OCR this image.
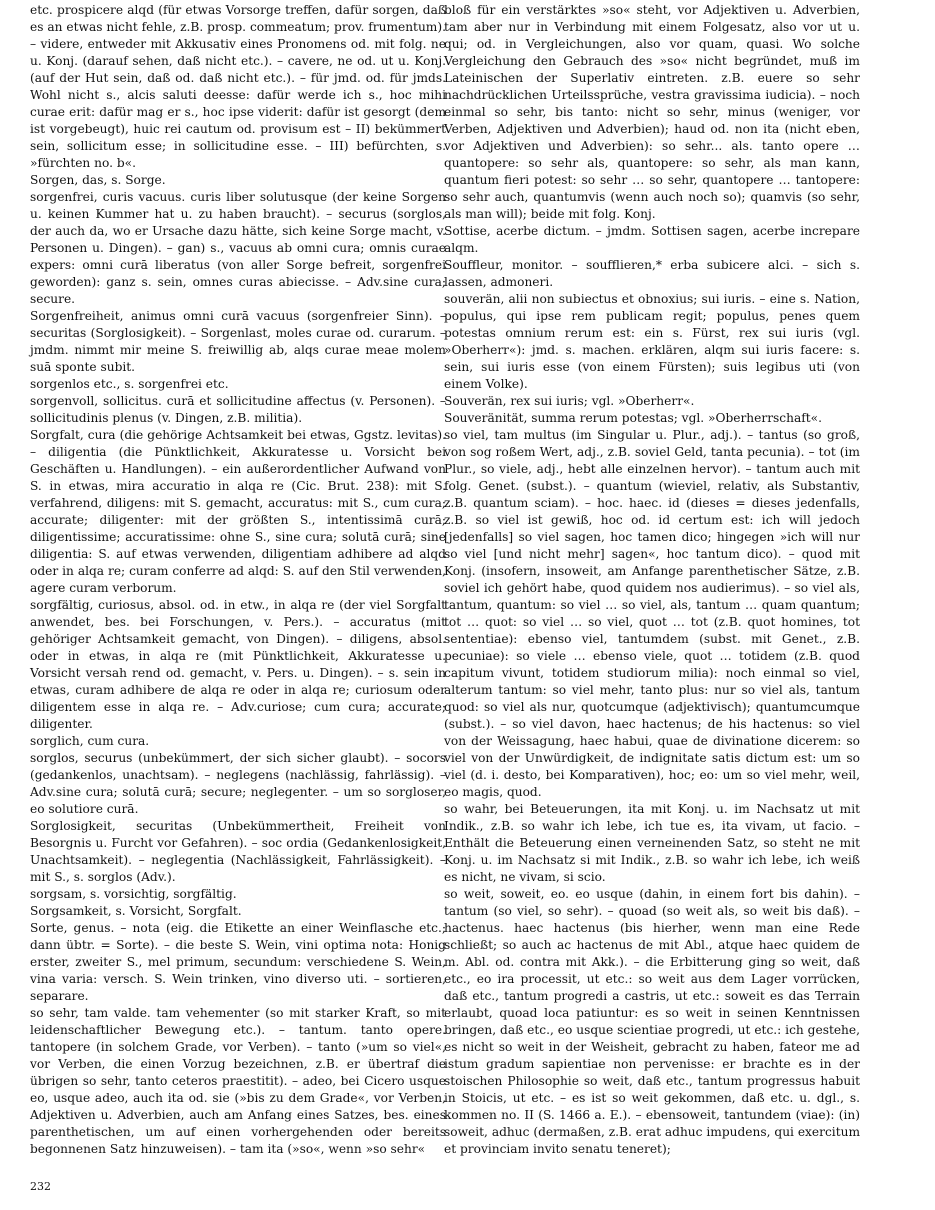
etc. prospicere alqd (für etwas Vorsorge treffen, dafür sorgen, daß es an etwas nicht fehle, z.B. prosp. commeatum; prov. frumentum). – videre, entweder mit Akkusativ eines Pronomens od. mit folg. ne u. Konj. (darauf sehen, daß nicht etc.). – cavere, ne od. ut u. Konj. (auf der Hut sein, daß od. daß nicht etc.). – für jmd. od. für jmds. Wohl nicht s., alcis saluti deesse: dafür werde ich s., hoc mihi curae erit: dafür mag er s., hoc ipse viderit: dafür ist gesorgt (dem ist vorgebeugt), huic rei cautum od. provisum est – II) bekümmert sein, sollicitum esse; in sollicitudine esse. – III) befürchten, s. »fürchten no. b«.

Sorgen, das, s. Sorge.

sorgenfrei, curis vacuus. curis liber solutusque (der keine Sorgen u. keinen Kummer hat u. zu haben braucht). – securus (sorglos, der auch da, wo er Ursache dazu hätte, sich keine Sorge macht, v. Personen u. Dingen). – gan) s., vacuus ab omni cura; omnis curae expers: omni curā liberatus (von aller Sorge befreit, sorgenfrei geworden): ganz s. sein, omnes curas abiecisse. – Adv.sine cura; secure.

Sorgenfreiheit, animus omni curā vacuus (sorgenfreier Sinn). – securitas (Sorglosigkeit). – Sorgenlast, moles curae od. curarum. – jmdm. nimmt mir meine S. freiwillig ab, alqs curae meae molem suā sponte subit.

sorgenlos etc., s. sorgenfrei etc.

sorgenvoll, sollicitus. curā et sollicitudine affectus (v. Personen). – sollicitudinis plenus (v. Dingen, z.B. militia).

Sorgfalt, cura (die gehörige Achtsamkeit bei etwas, Ggstz. levitas). – diligentia (die Pünktlichkeit, Akkuratesse u. Vorsicht bei Geschäften u. Handlungen). – ein außerordentlicher Aufwand von S. in etwas, mira accuratio in alqa re (Cic. Brut. 238): mit S. verfahrend, diligens: mit S. gemacht, accuratus: mit S., cum cura; accurate; diligenter: mit der größten S., intentissimā curā; diligentissime; accuratissime: ohne S., sine cura; solutā curā; sine diligentia: S. auf etwas verwenden, diligentiam adhibere ad alqd oder in alqa re; curam conferre ad alqd: S. auf den Stil verwenden, agere curam verborum.

sorgfältig, curiosus, absol. od. in etw., in alqa re (der viel Sorgfalt anwendet, bes. bei Forschungen, v. Pers.). – accuratus (mit gehöriger Achtsamkeit gemacht, von Dingen). – diligens, absol. oder in etwas, in alqa re (mit Pünktlichkeit, Akkuratesse u. Vorsicht versah rend od. gemacht, v. Pers. u. Dingen). – s. sein in etwas, curam adhibere de alqa re oder in alqa re; curiosum oder diligentem esse in alqa re. – Adv.curiose; cum cura; accurate; diligenter.

sorglich, cum cura.

sorglos, securus (unbekümmert, der sich sicher glaubt). – socors (gedankenlos, unachtsam). – neglegens (nachlässig, fahrlässig). – Adv.sine cura; solutā curā; secure; neglegenter. – um so sorgloser, eo solutiore curā.

Sorglosigkeit, securitas (Unbekümmertheit, Freiheit von Besorgnis u. Furcht vor Gefahren). – soc ordia (Gedankenlosigkeit, Unachtsamkeit). – neglegentia (Nachlässigkeit, Fahrlässigkeit). – mit S., s. sorglos (Adv.).

sorgsam, s. vorsichtig, sorgfältig.

Sorgsamkeit, s. Vorsicht, Sorgfalt.

Sorte, genus. – nota (eig. die Etikette an einer Weinflasche etc.; dann übtr. = Sorte). – die beste S. Wein, vini optima nota: Honig erster, zweiter S., mel primum, secundum: verschiedene S. Wein, vina varia: versch. S. Wein trinken, vino diverso uti. – sortieren, separare.

so sehr, tam valde. tam vehementer (so mit starker Kraft, so mit leidenschaftlicher Bewegung etc.). – tantum. tanto opere. tantopere (in solchem Grade, vor Verben). – tanto (»um so viel«, vor Verben, die einen Vorzug bezeichnen, z.B. er übertraf die übrigen so sehr, tanto ceteros praestitit). – adeo, bei Cicero usque eo, usque adeo, auch ita od. sie (»bis zu dem Grade«, vor Verben, Adjektiven u. Adverbien, auch am Anfang eines Satzes, bes. eines parenthetischen, um auf einen vorhergehenden oder bereits begonnenen Satz hinzuweisen). – tam ita (»so«, wenn »so sehr«

bloß für ein verstärktes »so« steht, vor Adjektiven u. Adverbien, tam aber nur in Verbindung mit einem Folgesatz, also vor ut u. qui; od. in Vergleichungen, also vor quam, quasi. Wo solche Vergleichung den Gebrauch des »so« nicht begründet, muß im Lateinischen der Superlativ eintreten. z.B. euere so sehr nachdrücklichen Urteilssprüche, vestra gravissima iudicia). – noch einmal so sehr, bis tanto: nicht so sehr, minus (weniger, vor Verben, Adjektiven und Adverbien); haud od. non ita (nicht eben, vor Adjektiven und Adverbien): so sehr... als. tanto opere … quantopere: so sehr als, quantopere: so sehr, als man kann, quantum fieri potest: so sehr … so sehr, quantopere … tantopere: so sehr auch, quantumvis (wenn auch noch so); quamvis (so sehr, als man will); beide mit folg. Konj.

Sottise, acerbe dictum. – jmdm. Sottisen sagen, acerbe increpare alqm.

Souffleur, monitor. – soufflieren,* erba subicere alci. – sich s. lassen, admoneri.

souverän, alii non subiectus et obnoxius; sui iuris. – eine s. Nation, populus, qui ipse rem publicam regit; populus, penes quem potestas omnium rerum est: ein s. Fürst, rex sui iuris (vgl. »Oberherr«): jmd. s. machen. erklären, alqm sui iuris facere: s. sein, sui iuris esse (von einem Fürsten); suis legibus uti (von einem Volke).

Souverän, rex sui iuris; vgl. »Oberherr«.

Souveränität, summa rerum potestas; vgl. »Oberherrschaft«.

so viel, tam multus (im Singular u. Plur., adj.). – tantus (so groß, von sog roßem Wert, adj., z.B. soviel Geld, tanta pecunia). – tot (im Plur., so viele, adj., hebt alle einzelnen hervor). – tantum auch mit folg. Genet. (subst.). – quantum (wieviel, relativ, als Substantiv, z.B. quantum sciam). – hoc. haec. id (dieses = dieses jedenfalls, z.B. so viel ist gewiß, hoc od. id certum est: ich will jedoch [jedenfalls] so viel sagen, hoc tamen dico; hingegen »ich will nur so viel [und nicht mehr] sagen«, hoc tantum dico). – quod mit Konj. (insofern, insoweit, am Anfange parenthetischer Sätze, z.B. soviel ich gehört habe, quod quidem nos audierimus). – so viel als, tantum, quantum: so viel … so viel, als, tantum … quam quantum; tot … quot: so viel … so viel, quot … tot (z.B. quot homines, tot sententiae): ebenso viel, tantumdem (subst. mit Genet., z.B. pecuniae): so viele … ebenso viele, quot … totidem (z.B. quod capitum vivunt, totidem studiorum milia): noch einmal so viel, alterum tantum: so viel mehr, tanto plus: nur so viel als, tantum quod: so viel als nur, quotcumque (adjektivisch); quantumcumque (subst.). – so viel davon, haec hactenus; de his hactenus: so viel von der Weissagung, haec habui, quae de divinatione dicerem: so viel von der Unwürdigkeit, de indignitate satis dictum est: um so viel (d. i. desto, bei Komparativen), hoc; eo: um so viel mehr, weil, eo magis, quod.

so wahr, bei Beteuerungen, ita mit Konj. u. im Nachsatz ut mit Indik., z.B. so wahr ich lebe, ich tue es, ita vivam, ut facio. – Enthält die Beteuerung einen verneinenden Satz, so steht ne mit Konj. u. im Nachsatz si mit Indik., z.B. so wahr ich lebe, ich weiß es nicht, ne vivam, si scio.

so weit, soweit, eo. eo usque (dahin, in einem fort bis dahin). – tantum (so viel, so sehr). – quoad (so weit als, so weit bis daß). – hactenus. haec hactenus (bis hierher, wenn man eine Rede schließt; so auch ac hactenus de mit Abl., atque haec quidem de m. Abl. od. contra mit Akk.). – die Erbitterung ging so weit, daß etc., eo ira processit, ut etc.: so weit aus dem Lager vorrücken, daß etc., tantum progredi a castris, ut etc.: soweit es das Terrain erlaubt, quoad loca patiuntur: es so weit in seinen Kenntnissen bringen, daß etc., eo usque scientiae progredi, ut etc.: ich gestehe, es nicht so weit in der Weisheit, gebracht zu haben, fateor me ad istum gradum sapientiae non pervenisse: er brachte es in der stoischen Philosophie so weit, daß etc., tantum progressus habuit in Stoicis, ut etc. – es ist so weit gekommen, daß etc. u. dgl., s. kommen no. II (S. 1466 a. E.). – ebensoweit, tantundem (viae): (in) soweit, adhuc (dermaßen, z.B. erat adhuc impudens, qui exercitum et provinciam invito senatu teneret);

232
